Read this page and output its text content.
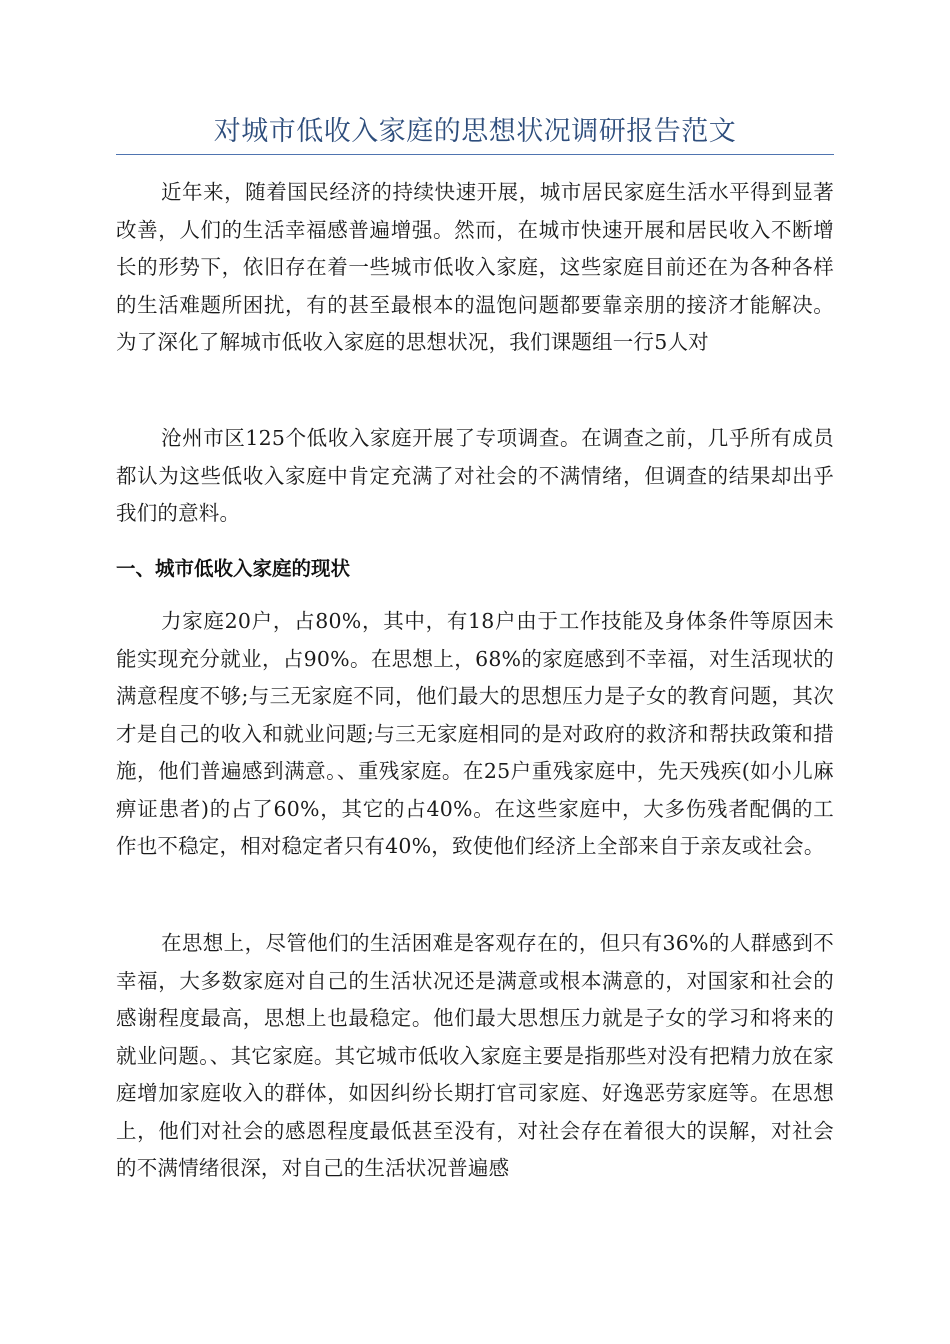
对城市低收入家庭的思想状况调研报告范文

近年来，随着国民经济的持续快速开展，城市居民家庭生活水平得到显著改善，人们的生活幸福感普遍增强。然而，在城市快速开展和居民收入不断增长的形势下，依旧存在着一些城市低收入家庭，这些家庭目前还在为各种各样的生活难题所困扰，有的甚至最根本的温饱问题都要靠亲朋的接济才能解决。为了深化了解城市低收入家庭的思想状况，我们课题组一行5人对

沧州市区125个低收入家庭开展了专项调查。在调查之前，几乎所有成员都认为这些低收入家庭中肯定充满了对社会的不满情绪，但调查的结果却出乎我们的意料。

一、城市低收入家庭的现状

力家庭20户，占80%，其中，有18户由于工作技能及身体条件等原因未能实现充分就业，占90%。在思想上，68%的家庭感到不幸福，对生活现状的满意程度不够;与三无家庭不同，他们最大的思想压力是子女的教育问题，其次才是自己的收入和就业问题;与三无家庭相同的是对政府的救济和帮扶政策和措施，他们普遍感到满意。、重残家庭。在25户重残家庭中，先天残疾(如小儿麻痹证患者)的占了60%，其它的占40%。在这些家庭中，大多伤残者配偶的工作也不稳定，相对稳定者只有40%，致使他们经济上全部来自于亲友或社会。

在思想上，尽管他们的生活困难是客观存在的，但只有36%的人群感到不幸福，大多数家庭对自己的生活状况还是满意或根本满意的，对国家和社会的感谢程度最高，思想上也最稳定。他们最大思想压力就是子女的学习和将来的就业问题。、其它家庭。其它城市低收入家庭主要是指那些对没有把精力放在家庭增加家庭收入的群体，如因纠纷长期打官司家庭、好逸恶劳家庭等。在思想上，他们对社会的感恩程度最低甚至没有，对社会存在着很大的误解，对社会的不满情绪很深，对自己的生活状况普遍感
